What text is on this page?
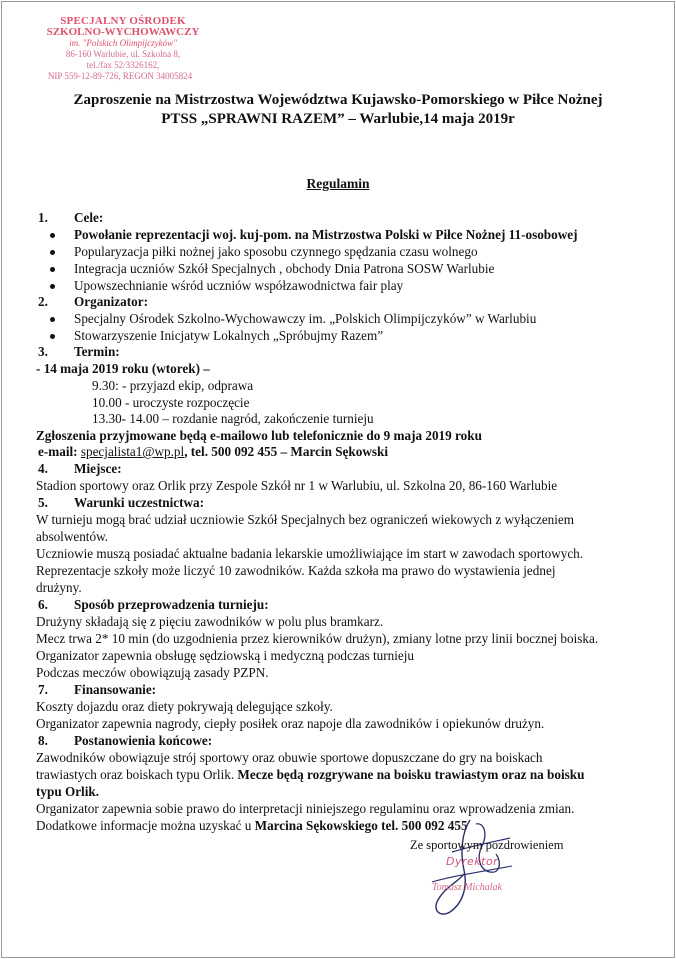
SPECJALNY OŚRODEK
SZKOLNO-WYCHOWAWCZY
im. "Polskich Olimpijczyków"
86-160 Warlubie, ul. Szkolna 8,
tel./fax 52/3326162,
NIP 559-12-89-726, REGON 34005824
Zaproszenie na Mistrzostwa Województwa Kujawsko-Pomorskiego w Piłce Nożnej
PTSS „SPRAWNI RAZEM” – Warlubie,14 maja 2019r
Regulamin
1. Cele:
Powołanie reprezentacji woj. kuj-pom. na Mistrzostwa Polski w Piłce Nożnej 11-osobowej
Popularyzacja piłki nożnej jako sposobu czynnego spędzania czasu wolnego
Integracja uczniów Szkół Specjalnych , obchody Dnia Patrona SOSW Warlubie
Upowszechnianie wśród uczniów współzawodnictwa fair play
2. Organizator:
Specjalny Ośrodek Szkolno-Wychowawczy im. „Polskich Olimpijczyków” w Warlubiu
Stowarzyszenie Inicjatyw Lokalnych „Spróbujmy Razem”
3. Termin:
- 14 maja 2019 roku (wtorek) –
9.30: - przyjazd ekip, odprawa
10.00 - uroczyste rozpoczęcie
13.30- 14.00 – rozdanie nagród, zakończenie turnieju
Zgłoszenia przyjmowane będą e-mailowo lub telefonicznie do 9 maja 2019 roku
e-mail: specjalista1@wp.pl, tel. 500 092 455 – Marcin Sękowski
4. Miejsce:
Stadion sportowy oraz Orlik przy Zespole Szkół nr 1 w Warlubiu, ul. Szkolna 20, 86-160 Warlubie
5. Warunki uczestnictwa:
W turnieju mogą brać udział uczniowie Szkół Specjalnych bez ograniczeń wiekowych z wyłączeniem
absolwentów.
Uczniowie muszą posiadać aktualne badania lekarskie umożliwiające im start w zawodach sportowych.
Reprezentacje szkoły może liczyć 10 zawodników. Każda szkoła ma prawo do wystawienia jednej
drużyny.
6. Sposób przeprowadzenia turnieju:
Drużyny składają się z pięciu zawodników w polu plus bramkarz.
Mecz trwa 2* 10 min (do uzgodnienia przez kierowników drużyn), zmiany lotne przy linii bocznej boiska.
Organizator zapewnia obsługę sędziowską i medyczną podczas turnieju
Podczas meczów obowiązują zasady PZPN.
7. Finansowanie:
Koszty dojazdu oraz diety pokrywają delegujące szkoły.
Organizator zapewnia nagrody, ciepły posiłek oraz napoje dla zawodników i opiekunów drużyn.
8. Postanowienia końcowe:
Zawodników obowiązuje strój sportowy oraz obuwie sportowe dopuszczane do gry na boiskach
trawiastych oraz boiskach typu Orlik. Mecze będą rozgrywane na boisku trawiastym oraz na boisku
typu Orlik.
Organizator zapewnia sobie prawo do interpretacji niniejszego regulaminu oraz wprowadzenia zmian.
Dodatkowe informacje można uzyskać u Marcina Sękowskiego tel. 500 092 455
Ze sportowym pozdrowieniem
Dyrektor
Tomasz Michalak
